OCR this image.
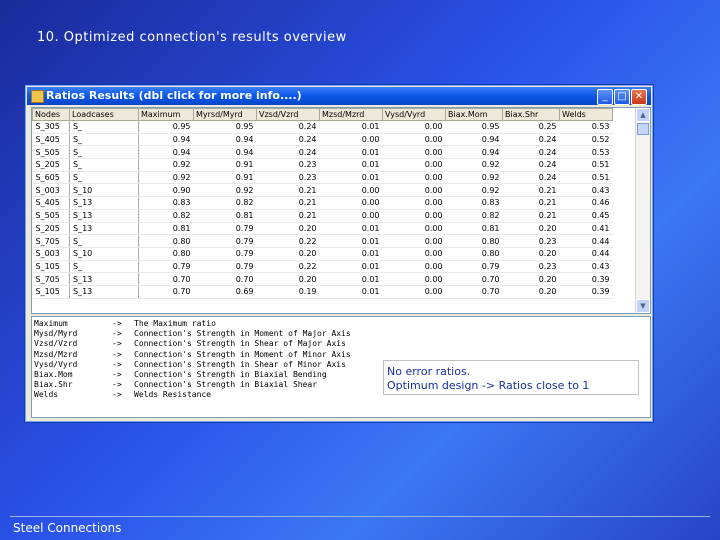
10. Optimized connection's results overview
Ratios Results (dbl click for more info....)	_ □ ✕
Nodes	Loadcases	Maximum	Myrsd/Myrd	Vzsd/Vzrd	Mzsd/Mzrd	Vysd/Vyrd	Biax.Mom	Biax.Shr	Welds
S_305	S_	0.95	0.95	0.24	0.01	0.00	0.95	0.25	0.53
S_405	S_	0.94	0.94	0.24	0.00	0.00	0.94	0.24	0.52
S_505	S_	0.94	0.94	0.24	0.01	0.00	0.94	0.24	0.53
S_205	S_	0.92	0.91	0.23	0.01	0.00	0.92	0.24	0.51
S_605	S_	0.92	0.91	0.23	0.01	0.00	0.92	0.24	0.51
S_003	S_10	0.90	0.92	0.21	0.00	0.00	0.92	0.21	0.43
S_405	S_13	0.83	0.82	0.21	0.00	0.00	0.83	0.21	0.46
S_505	S_13	0.82	0.81	0.21	0.00	0.00	0.82	0.21	0.45
S_205	S_13	0.81	0.79	0.20	0.01	0.00	0.81	0.20	0.41
S_705	S_	0.80	0.79	0.22	0.01	0.00	0.80	0.23	0.44
S_003	S_10	0.80	0.79	0.20	0.01	0.00	0.80	0.20	0.44
S_105	S_	0.79	0.79	0.22	0.01	0.00	0.79	0.23	0.43
S_705	S_13	0.70	0.70	0.20	0.01	0.00	0.70	0.20	0.39
S_105	S_13	0.70	0.69	0.19	0.01	0.00	0.70	0.20	0.39
▲
▼
Maximum	-> The Maximum ratio
Mysd/Myrd	-> Connection's Strength in Moment of Major Axis
Vzsd/Vzrd	-> Connection's Strength in Shear of Major Axis
Mzsd/Mzrd	-> Connection's Strength in Moment of Minor Axis
Vysd/Vyrd	-> Connection's Strength in Shear of Minor Axis
Biax.Mom	-> Connection's Strength in Biaxial Bending
Biax.Shr	-> Connection's Strength in Biaxial Shear
Welds	-> Welds Resistance
No error ratios.
Optimum design -> Ratios close to 1
Steel Connections
